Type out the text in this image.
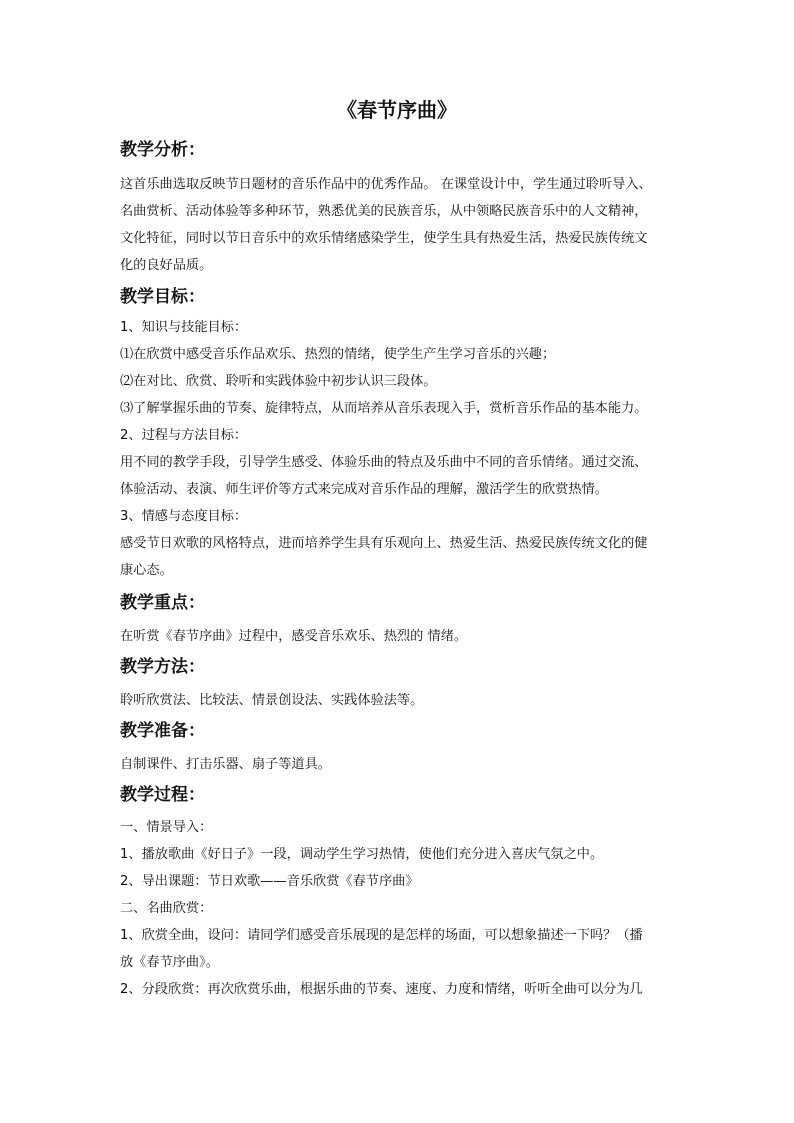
《春节序曲》
教学分析：
这首乐曲选取反映节日题材的音乐作品中的优秀作品。 在课堂设计中，学生通过聆听导入、
名曲赏析、活动体验等多种环节，熟悉优美的民族音乐，从中领略民族音乐中的人文精神，
文化特征，同时以节日音乐中的欢乐情绪感染学生，使学生具有热爱生活，热爱民族传统文
化的良好品质。
教学目标：
1、知识与技能目标：
⑴在欣赏中感受音乐作品欢乐、热烈的情绪，使学生产生学习音乐的兴趣；
⑵在对比、欣赏、聆听和实践体验中初步认识三段体。
⑶了解掌握乐曲的节奏、旋律特点，从而培养从音乐表现入手，赏析音乐作品的基本能力。
2、过程与方法目标：
用不同的教学手段，引导学生感受、体验乐曲的特点及乐曲中不同的音乐情绪。通过交流、
体验活动、表演、师生评价等方式来完成对音乐作品的理解，激活学生的欣赏热情。
3、情感与态度目标：
感受节日欢歌的风格特点，进而培养学生具有乐观向上、热爱生活、热爱民族传统文化的健
康心态。
教学重点：
在听赏《春节序曲》过程中，感受音乐欢乐、热烈的 情绪。
教学方法：
聆听欣赏法、比较法、情景创设法、实践体验法等。
教学准备：
自制课件、打击乐器、扇子等道具。
教学过程：
一、情景导入：
1、播放歌曲《好日子》一段，调动学生学习热情，使他们充分进入喜庆气氛之中。
2、导出课题：节日欢歌——音乐欣赏《春节序曲》
二、名曲欣赏：
1、欣赏全曲，设问：请同学们感受音乐展现的是怎样的场面，可以想象描述一下吗？（播
放《春节序曲》。
2、分段欣赏：再次欣赏乐曲，根据乐曲的节奏、速度、力度和情绪，听听全曲可以分为几
